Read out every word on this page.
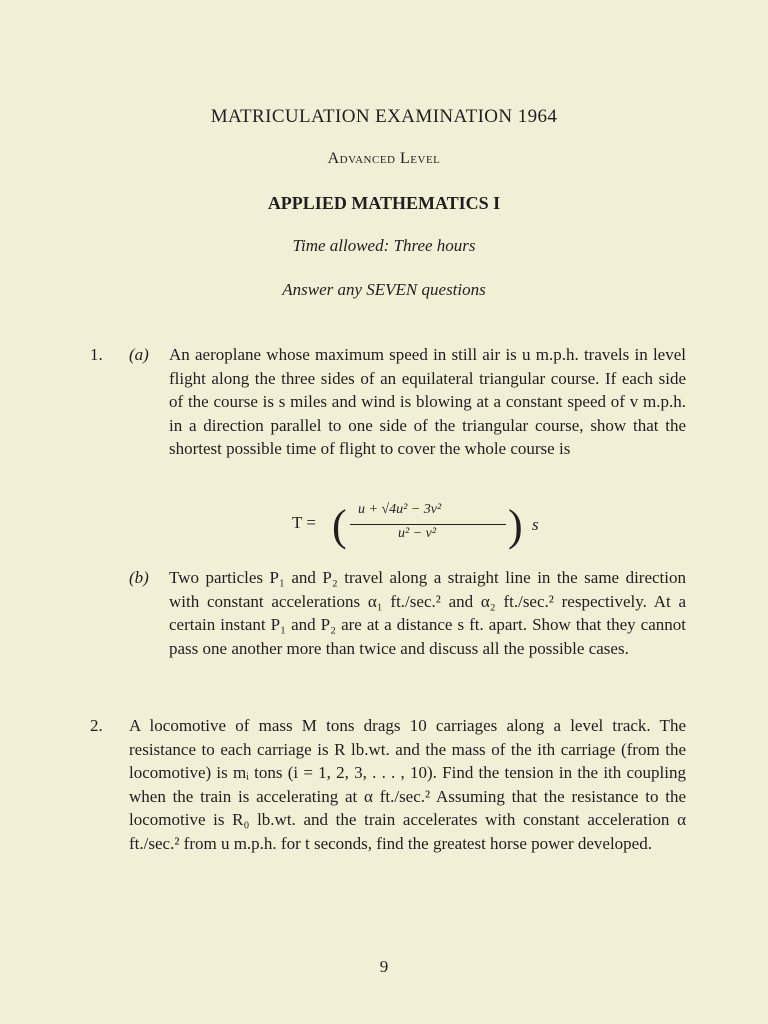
MATRICULATION EXAMINATION 1964
Advanced Level
APPLIED MATHEMATICS I
Time allowed: Three hours
Answer any SEVEN questions
1. (a) An aeroplane whose maximum speed in still air is u m.p.h. travels in level flight along the three sides of an equilateral triangular course. If each side of the course is s miles and wind is blowing at a constant speed of v m.p.h. in a direction parallel to one side of the triangular course, show that the shortest possible time of flight to cover the whole course is

T = ( u + √4u² − 3v²
u² − v² ) s
(b) Two particles P₁ and P₂ travel along a straight line in the same direction with constant accelerations α₁ ft./sec.² and α₂ ft./sec.² respectively. At a certain instant P₁ and P₂ are at a distance s ft. apart. Show that they cannot pass one another more than twice and discuss all the possible cases.

2. A locomotive of mass M tons drags 10 carriages along a level track. The resistance to each carriage is R lb.wt. and the mass of the ith carriage (from the locomotive) is mᵢ tons (i = 1, 2, 3, . . . , 10). Find the tension in the ith coupling when the train is accelerating at α ft./sec.² Assuming that the resistance to the locomotive is R₀ lb.wt. and the train accelerates with constant acceleration α ft./sec.² from u m.p.h. for t seconds, find the greatest horse power developed.

9
